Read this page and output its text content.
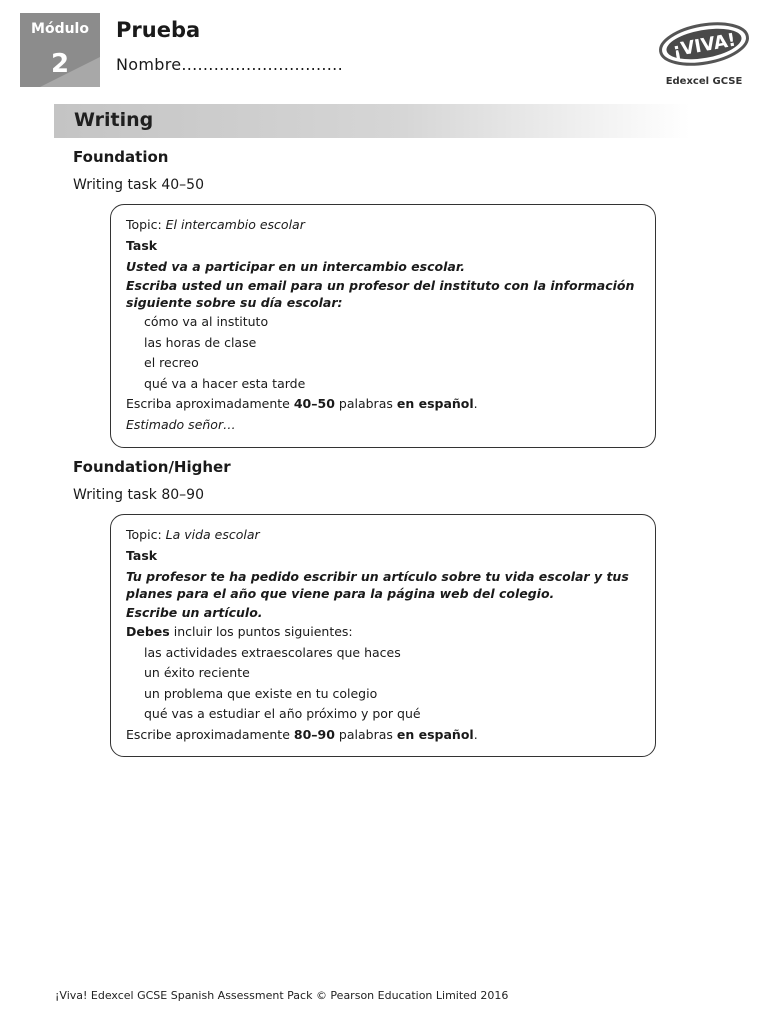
Módulo
2
Prueba
Nombre..............................
¡VIVA!
Edexcel GCSE
Writing
Foundation
Writing task 40–50
Topic: El intercambio escolar
Task
Usted va a participar en un intercambio escolar.
Escriba usted un email para un profesor del instituto con la información siguiente sobre su día escolar:
cómo va al instituto
las horas de clase
el recreo
qué va a hacer esta tarde
Escriba aproximadamente 40–50 palabras en español.
Estimado señor…
Foundation/Higher
Writing task 80–90
Topic: La vida escolar
Task
Tu profesor te ha pedido escribir un artículo sobre tu vida escolar y tus planes para el año que viene para la página web del colegio.
Escribe un artículo.
Debes incluir los puntos siguientes:
las actividades extraescolares que haces
un éxito reciente
un problema que existe en tu colegio
qué vas a estudiar el año próximo y por qué
Escribe aproximadamente 80–90 palabras en español.
¡Viva! Edexcel GCSE Spanish Assessment Pack © Pearson Education Limited 2016
